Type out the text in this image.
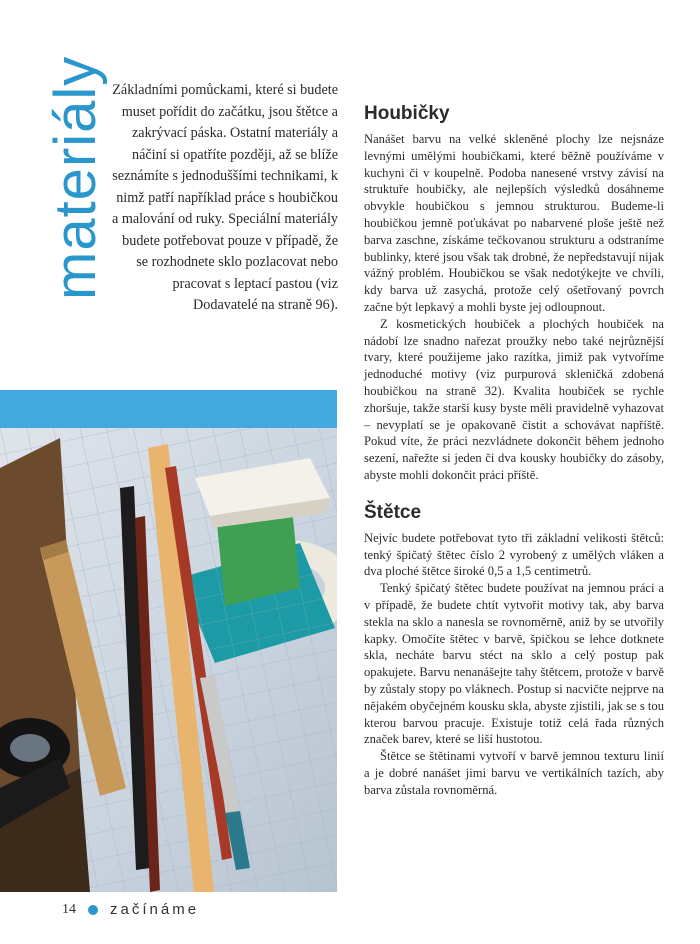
materiály Základními pomůckami, které si budete muset pořídit do začátku, jsou štětce a zakrývací páska. Ostatní materiály a náčiní si opatříte později, až se blíže seznámíte s jednoduššími technikami, k nimž patří například práce s houbičkou a malování od ruky. Speciální materiály budete potřebovat pouze v případě, že se rozhodnete sklo pozlacovat nebo pracovat s leptací pastou (viz Dodavatelé na straně 96).
Houbičky

Nanášet barvu na velké skleněné plochy lze nejsnáze levnými umělými houbičkami, které běžně používáme v kuchyni či v koupelně. Podoba nanesené vrstvy závisí na struktuře houbičky, ale nejlepších výsledků dosáhneme obvykle houbičkou s jemnou strukturou. Budeme-li houbičkou jemně poťukávat po nabarvené ploše ještě než barva zaschne, získáme tečkovanou strukturu a odstraníme bublinky, které jsou však tak drobné, že nepředstavují nijak vážný problém. Houbičkou se však nedotýkejte ve chvíli, kdy barva už zasychá, protože celý ošetřovaný povrch začne být lepkavý a mohli byste jej odloupnout.

Z kosmetických houbiček a plochých houbiček na nádobí lze snadno nařezat proužky nebo také nejrůznější tvary, které použijeme jako razítka, jimiž pak vytvoříme jednoduché motivy (viz purpurová skleničká zdobená houbičkou na straně 32). Kvalita houbiček se rychle zhoršuje, takže starší kusy byste měli pravidelně vyhazovat – nevyplatí se je opakovaně čistit a schovávat napříště. Pokud víte, že práci nezvládnete dokončit během jednoho sezení, nařežte si jeden či dva kousky houbičky do zásoby, abyste mohli dokončit práci příště.

Štětce

Nejvíc budete potřebovat tyto tři základní velikosti štětců: tenký špičatý štětec číslo 2 vyrobený z umělých vláken a dva ploché štětce široké 0,5 a 1,5 centimetrů.

Tenký špičatý štětec budete používat na jemnou práci a v případě, že budete chtít vytvořit motivy tak, aby barva stekla na sklo a nanesla se rovnoměrně, aniž by se utvořily kapky. Omočíte štětec v barvě, špičkou se lehce dotknete skla, necháte barvu stéct na sklo a celý postup pak opakujete. Barvu nenanášejte tahy štětcem, protože v barvě by zůstaly stopy po vláknech. Postup si nacvičte nejprve na nějakém obyčejném kousku skla, abyste zjistili, jak se s tou kterou barvou pracuje. Existuje totiž celá řada různých značek barev, které se liší hustotou.

Štětce se štětinami vytvoří v barvě jemnou texturu linií a je dobré nanášet jimi barvu ve vertikálních tazích, aby barva zůstala rovnoměrná.

14 začínáme
